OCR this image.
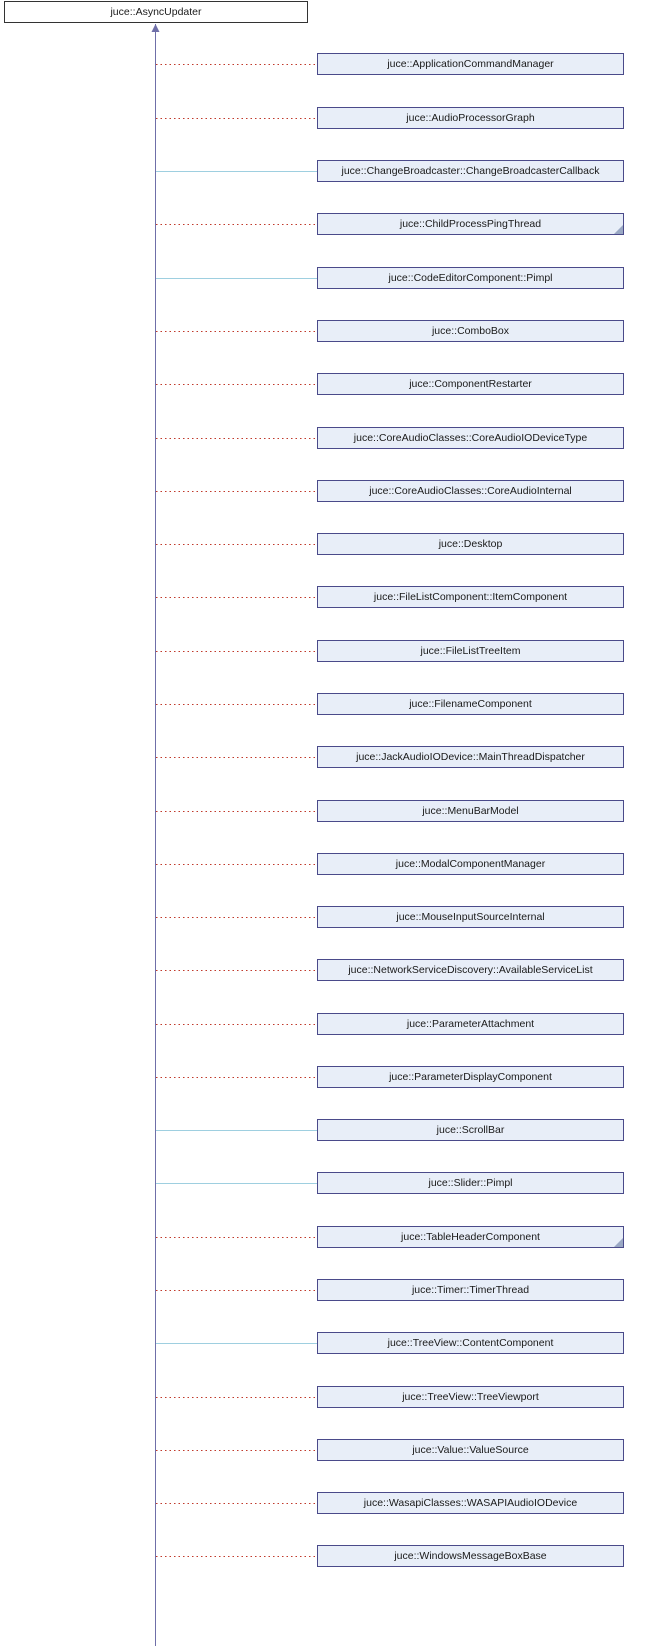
juce::AsyncUpdater
juce::ApplicationCommandManager
juce::AudioProcessorGraph
juce::ChangeBroadcaster::ChangeBroadcasterCallback
juce::ChildProcessPingThread
juce::CodeEditorComponent::Pimpl
juce::ComboBox
juce::ComponentRestarter
juce::CoreAudioClasses::CoreAudioIODeviceType
juce::CoreAudioClasses::CoreAudioInternal
juce::Desktop
juce::FileListComponent::ItemComponent
juce::FileListTreeItem
juce::FilenameComponent
juce::JackAudioIODevice::MainThreadDispatcher
juce::MenuBarModel
juce::ModalComponentManager
juce::MouseInputSourceInternal
juce::NetworkServiceDiscovery::AvailableServiceList
juce::ParameterAttachment
juce::ParameterDisplayComponent
juce::ScrollBar
juce::Slider::Pimpl
juce::TableHeaderComponent
juce::Timer::TimerThread
juce::TreeView::ContentComponent
juce::TreeView::TreeViewport
juce::Value::ValueSource
juce::WasapiClasses::WASAPIAudioIODevice
juce::WindowsMessageBoxBase
